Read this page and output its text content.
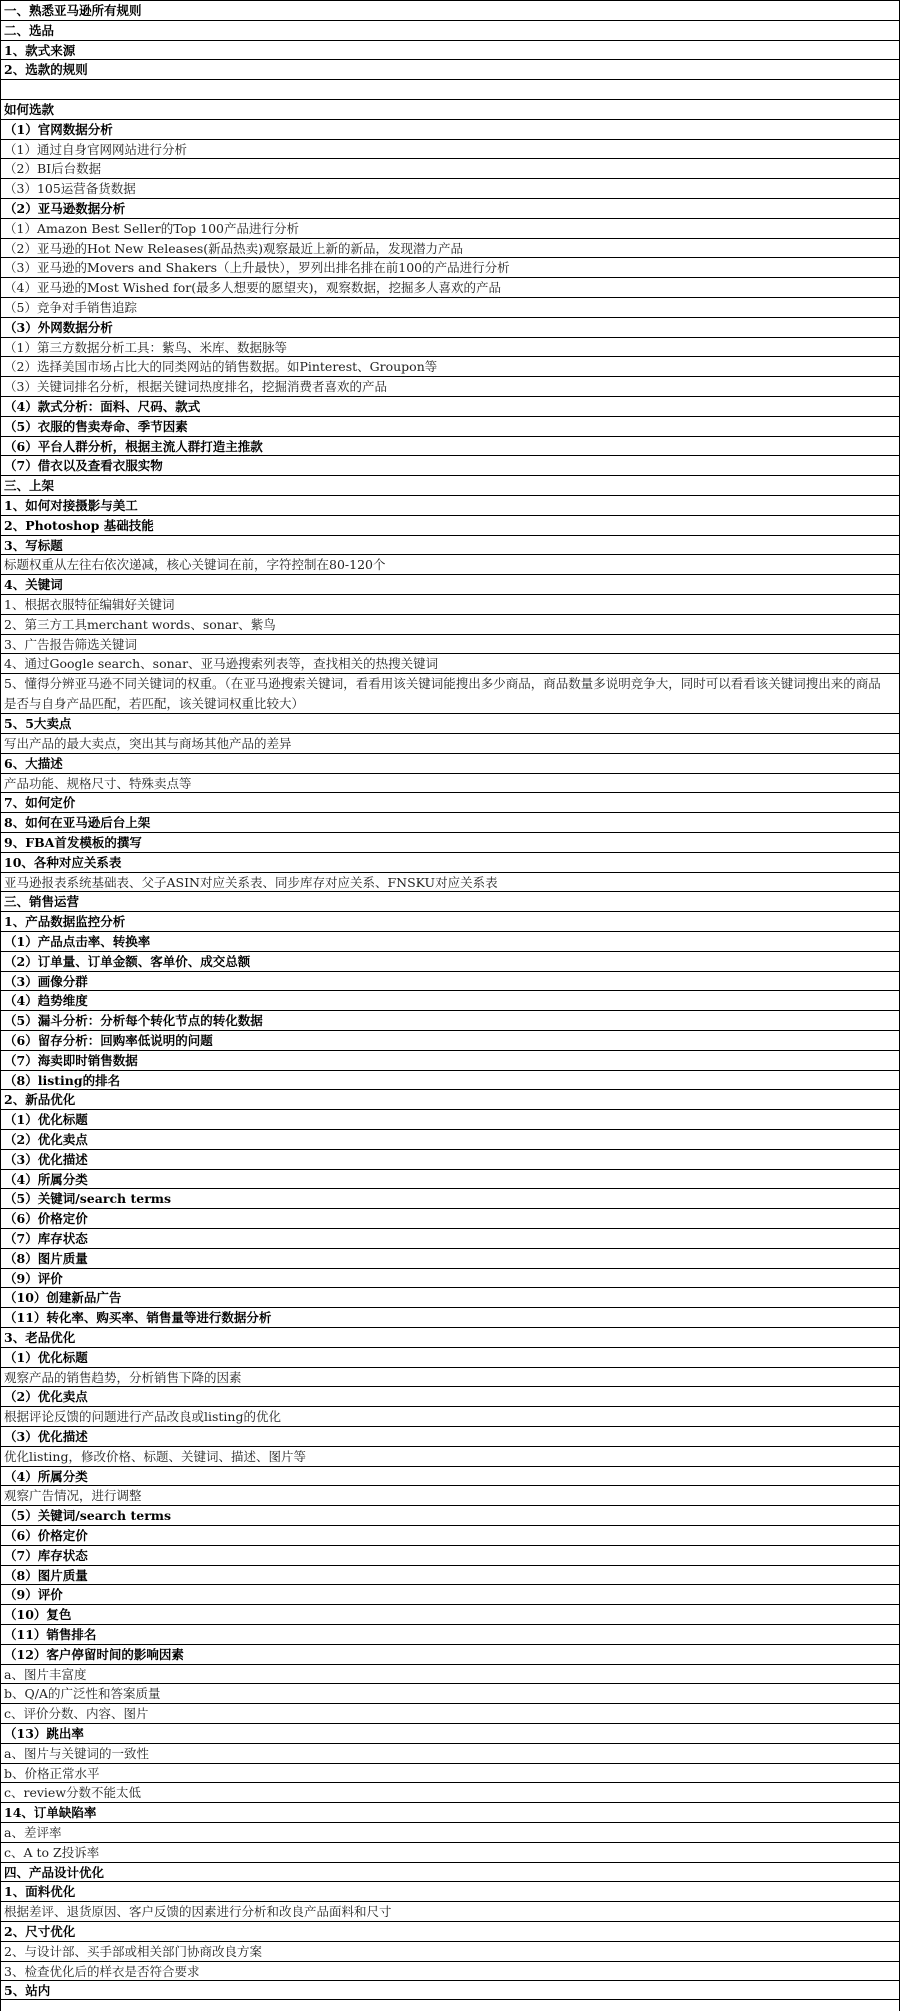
一、熟悉亚马逊所有规则
二、选品
1、款式来源
2、选款的规则
如何选款
（1）官网数据分析
（1）通过自身官网网站进行分析
（2）BI后台数据
（3）105运营备货数据
（2）亚马逊数据分析
（1）Amazon Best Seller的Top 100产品进行分析
（2）亚马逊的Hot New Releases(新品热卖)观察最近上新的新品，发现潜力产品
（3）亚马逊的Movers and Shakers（上升最快），罗列出排名排在前100的产品进行分析
（4）亚马逊的Most Wished for(最多人想要的愿望夹)，观察数据，挖掘多人喜欢的产品
（5）竞争对手销售追踪
（3）外网数据分析
（1）第三方数据分析工具：紫鸟、米库、数据脉等
（2）选择美国市场占比大的同类网站的销售数据。如Pinterest、Groupon等
（3）关键词排名分析，根据关键词热度排名，挖掘消费者喜欢的产品
（4）款式分析：面料、尺码、款式
（5）衣服的售卖寿命、季节因素
（6）平台人群分析，根据主流人群打造主推款
（7）借衣以及查看衣服实物
三、上架
1、如何对接摄影与美工
2、Photoshop 基础技能
3、写标题
标题权重从左往右依次递减，核心关键词在前，字符控制在80-120个
4、关键词
1、根据衣服特征编辑好关键词
2、第三方工具merchant words、sonar、紫鸟
3、广告报告筛选关键词
4、通过Google search、sonar、亚马逊搜索列表等，查找相关的热搜关键词
5、懂得分辨亚马逊不同关键词的权重。（在亚马逊搜索关键词，看看用该关键词能搜出多少商品，商品数量多说明竞争大，同时可以看看该关键词搜出来的商品是否与自身产品匹配，若匹配，该关键词权重比较大）
5、5大卖点
写出产品的最大卖点，突出其与商场其他产品的差异
6、大描述
产品功能、规格尺寸、特殊卖点等
7、如何定价
8、如何在亚马逊后台上架
9、FBA首发模板的撰写
10、各种对应关系表
亚马逊报表系统基础表、父子ASIN对应关系表、同步库存对应关系、FNSKU对应关系表
三、销售运营
1、产品数据监控分析
（1）产品点击率、转换率
（2）订单量、订单金额、客单价、成交总额
（3）画像分群
（4）趋势维度
（5）漏斗分析：分析每个转化节点的转化数据
（6）留存分析：回购率低说明的问题
（7）海卖即时销售数据
（8）listing的排名
2、新品优化
（1）优化标题
（2）优化卖点
（3）优化描述
（4）所属分类
（5）关键词/search terms
（6）价格定价
（7）库存状态
（8）图片质量
（9）评价
（10）创建新品广告
（11）转化率、购买率、销售量等进行数据分析
3、老品优化
（1）优化标题
观察产品的销售趋势，分析销售下降的因素
（2）优化卖点
根据评论反馈的问题进行产品改良或listing的优化
（3）优化描述
优化listing，修改价格、标题、关键词、描述、图片等
（4）所属分类
观察广告情况，进行调整
（5）关键词/search terms
（6）价格定价
（7）库存状态
（8）图片质量
（9）评价
（10）复色
（11）销售排名
（12）客户停留时间的影响因素
a、图片丰富度
b、Q/A的广泛性和答案质量
c、评价分数、内容、图片
（13）跳出率
a、图片与关键词的一致性
b、价格正常水平
c、review分数不能太低
14、订单缺陷率
a、差评率
c、A to Z投诉率
四、产品设计优化
1、面料优化
根据差评、退货原因、客户反馈的因素进行分析和改良产品面料和尺寸
2、尺寸优化
2、与设计部、买手部或相关部门协商改良方案
3、检查优化后的样衣是否符合要求
5、站内
